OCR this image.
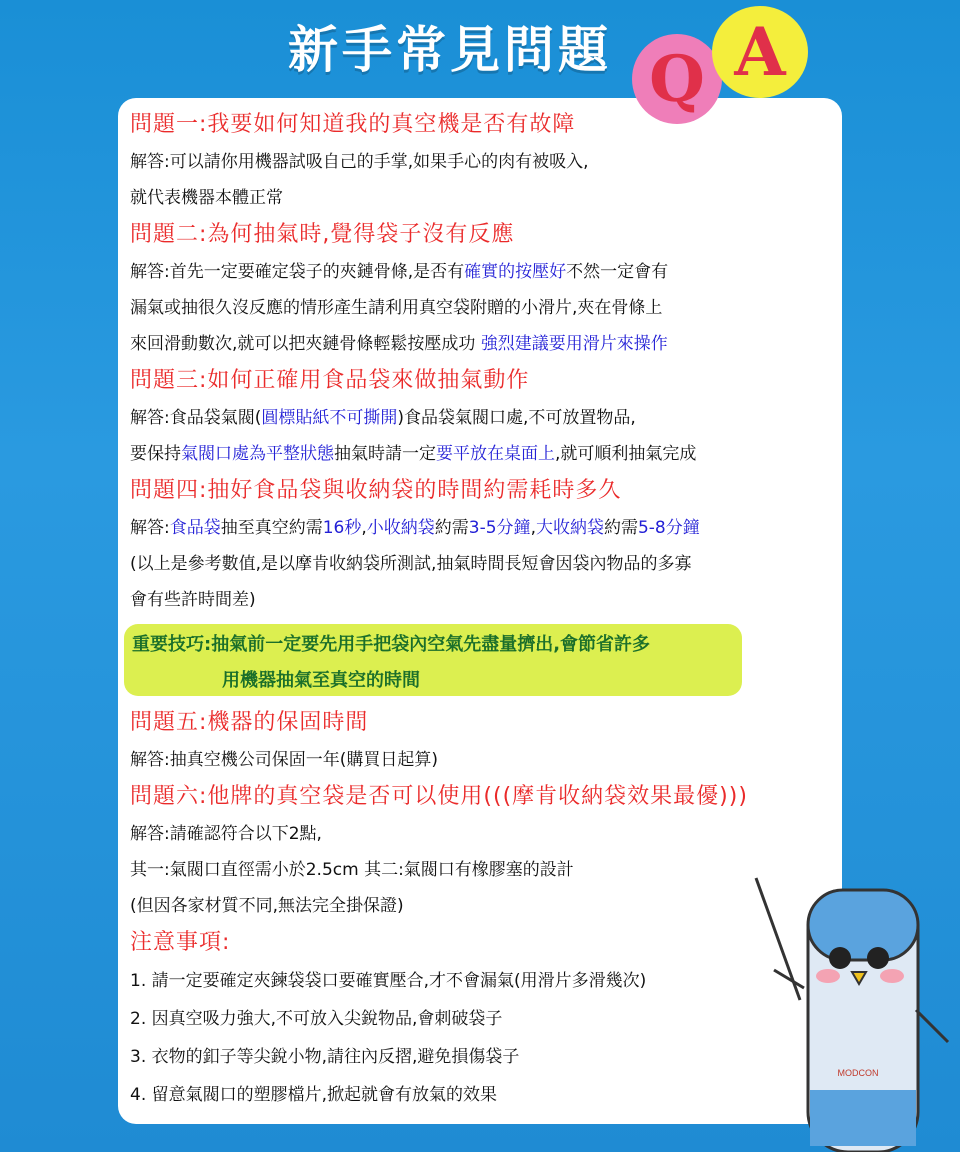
新手常見問題 Q A
問題一:我要如何知道我的真空機是否有故障
解答:可以請你用機器試吸自己的手掌,如果手心的肉有被吸入,
就代表機器本體正常
問題二:為何抽氣時,覺得袋子沒有反應
解答:首先一定要確定袋子的夾鏈骨條,是否有確實的按壓好不然一定會有
漏氣或抽很久沒反應的情形產生請利用真空袋附贈的小滑片,夾在骨條上
來回滑動數次,就可以把夾鏈骨條輕鬆按壓成功 強烈建議要用滑片來操作
問題三:如何正確用食品袋來做抽氣動作
解答:食品袋氣閥(圓標貼紙不可撕開)食品袋氣閥口處,不可放置物品,
要保持氣閥口處為平整狀態抽氣時請一定要平放在桌面上,就可順利抽氣完成
問題四:抽好食品袋與收納袋的時間約需耗時多久
解答:食品袋抽至真空約需16秒,小收納袋約需3-5分鐘,大收納袋約需5-8分鐘
(以上是參考數值,是以摩肯收納袋所測試,抽氣時間長短會因袋內物品的多寡
會有些許時間差)
重要技巧:抽氣前一定要先用手把袋內空氣先盡量擠出,會節省許多
用機器抽氣至真空的時間
問題五:機器的保固時間
解答:抽真空機公司保固一年(購買日起算)
問題六:他牌的真空袋是否可以使用(((摩肯收納袋效果最優)))
解答:請確認符合以下2點,
其一:氣閥口直徑需小於2.5cm 其二:氣閥口有橡膠塞的設計
(但因各家材質不同,無法完全掛保證)
注意事項:
1. 請一定要確定夾鍊袋袋口要確實壓合,才不會漏氣(用滑片多滑幾次)
2. 因真空吸力強大,不可放入尖銳物品,會刺破袋子
3. 衣物的釦子等尖銳小物,請往內反摺,避免損傷袋子
4. 留意氣閥口的塑膠檔片,掀起就會有放氣的效果
MODCON
